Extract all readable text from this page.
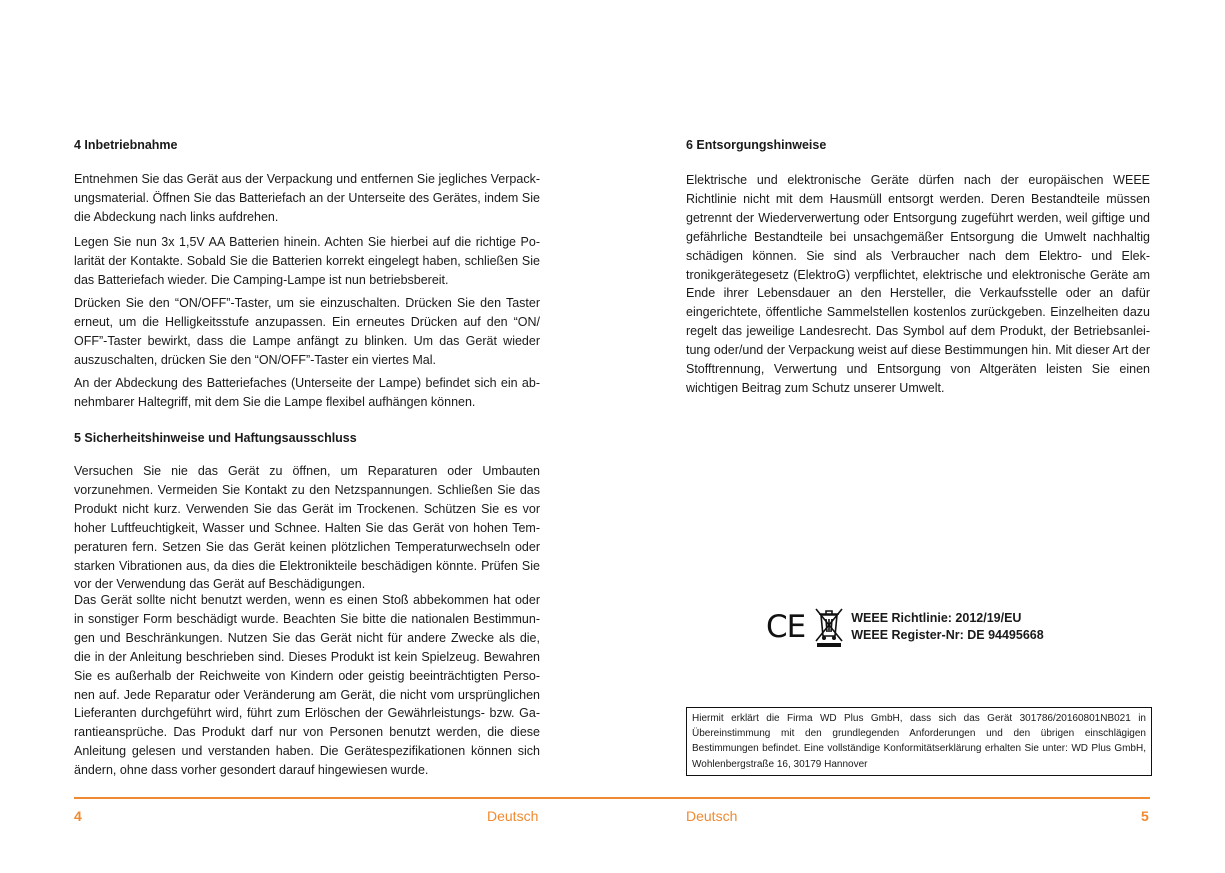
4 Inbetriebnahme

Entnehmen Sie das Gerät aus der Verpackung und entfernen Sie jegliches Verpackungsmaterial. Öffnen Sie das Batteriefach an der Unterseite des Gerätes, indem Sie die Abdeckung nach links aufdrehen.

Legen Sie nun 3x 1,5V AA Batterien hinein. Achten Sie hierbei auf die richtige Polarität der Kontakte. Sobald Sie die Batterien korrekt eingelegt haben, schließen Sie das Batteriefach wieder. Die Camping-Lampe ist nun betriebsbereit.

Drücken Sie den “ON/OFF”-Taster, um sie einzuschalten. Drücken Sie den Taster erneut, um die Helligkeitsstufe anzupassen. Ein erneutes Drücken auf den “ON/ OFF”-Taster bewirkt, dass die Lampe anfängt zu blinken. Um das Gerät wieder auszuschalten, drücken Sie den “ON/OFF”-Taster ein viertes Mal.

An der Abdeckung des Batteriefaches (Unterseite der Lampe) befindet sich ein abnehmbarer Haltegriff, mit dem Sie die Lampe flexibel aufhängen können.

5 Sicherheitshinweise und Haftungsausschluss

Versuchen Sie nie das Gerät zu öffnen, um Reparaturen oder Umbauten vorzunehmen. Vermeiden Sie Kontakt zu den Netzspannungen. Schließen Sie das Produkt nicht kurz. Verwenden Sie das Gerät im Trockenen. Schützen Sie es vor hoher Luftfeuchtigkeit, Wasser und Schnee. Halten Sie das Gerät von hohen Temperaturen fern. Setzen Sie das Gerät keinen plötzlichen Temperaturwechseln oder starken Vibrationen aus, da dies die Elektronikteile beschädigen könnte. Prüfen Sie vor der Verwendung das Gerät auf Beschädigungen.

Das Gerät sollte nicht benutzt werden, wenn es einen Stoß abbekommen hat oder in sonstiger Form beschädigt wurde. Beachten Sie bitte die nationalen Bestimmungen und Beschränkungen. Nutzen Sie das Gerät nicht für andere Zwecke als die, die in der Anleitung beschrieben sind. Dieses Produkt ist kein Spielzeug. Bewahren Sie es außerhalb der Reichweite von Kindern oder geistig beeinträchtigten Personen auf. Jede Reparatur oder Veränderung am Gerät, die nicht vom ursprünglichen Lieferanten durchgeführt wird, führt zum Erlöschen der Gewährleistungs- bzw. Garantieansprüche. Das Produkt darf nur von Personen benutzt werden, die diese Anleitung gelesen und verstanden haben. Die Gerätespezifikationen können sich ändern, ohne dass vorher gesondert darauf hingewiesen wurde.

6 Entsorgungshinweise

Elektrische und elektronische Geräte dürfen nach der europäischen WEEE Richtlinie nicht mit dem Hausmüll entsorgt werden. Deren Bestandteile müssen getrennt der Wiederverwertung oder Entsorgung zugeführt werden, weil giftige und gefährliche Bestandteile bei unsachgemäßer Entsorgung die Umwelt nachhaltig schädigen können. Sie sind als Verbraucher nach dem Elektro- und Elektronikgerätegesetz (ElektroG) verpflichtet, elektrische und elektronische Geräte am Ende ihrer Lebensdauer an den Hersteller, die Verkaufsstelle oder an dafür eingerichtete, öffentliche Sammelstellen kostenlos zurückgeben. Einzelheiten dazu regelt das jeweilige Landesrecht. Das Symbol auf dem Produkt, der Betriebsanleitung oder/und der Verpackung weist auf diese Bestimmungen hin. Mit dieser Art der Stofftrennung, Verwertung und Entsorgung von Altgeräten leisten Sie einen wichtigen Beitrag zum Schutz unserer Umwelt.

CE	WEEE Richtlinie: 2012/19/EU
WEEE Register-Nr: DE 94495668
Hiermit erklärt die Firma WD Plus GmbH, dass sich das Gerät 301786/20160801NB021 in Übereinstimmung mit den grundlegenden Anforderungen und den übrigen einschlägigen Bestimmungen befindet. Eine vollständige Konformitätserklärung erhalten Sie unter: WD Plus GmbH, Wohlenbergstraße 16, 30179 Hannover
4	Deutsch	Deutsch	5
